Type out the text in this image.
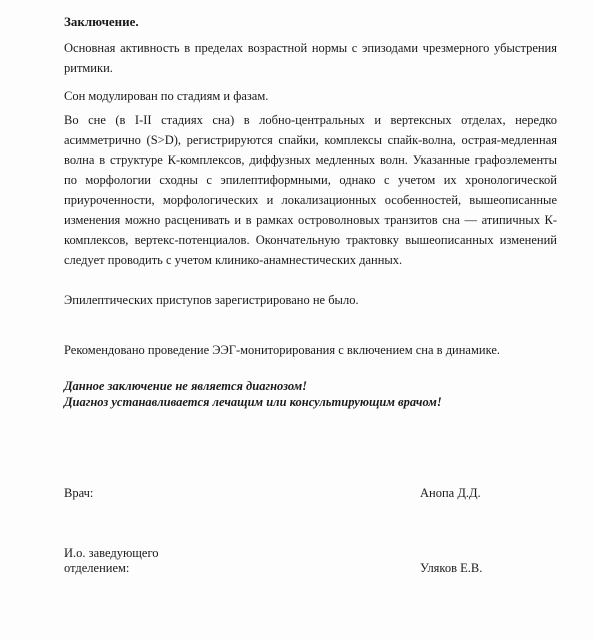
Заключение.
Основная активность в пределах возрастной нормы с эпизодами чрезмерного убыстрения ритмики.
Сон модулирован по стадиям и фазам.
Во сне (в I-II стадиях сна) в лобно-центральных и вертексных отделах, нередко асимметрично (S>D), регистрируются спайки, комплексы спайк-волна, острая-медленная волна в структуре К-комплексов, диффузных медленных волн. Указанные графоэлементы по морфологии сходны с эпилептиформными, однако с учетом их хронологической приуроченности, морфологических и локализационных особенностей, вышеописанные изменения можно расценивать и в рамках островолновых транзитов сна — атипичных К-комплексов, вертекс-потенциалов. Окончательную трактовку вышеописанных изменений следует проводить с учетом клинико-анамнестических данных.
Эпилептических приступов зарегистрировано не было.
Рекомендовано проведение ЭЭГ-мониторирования с включением сна в динамике.
Данное заключение не является диагнозом!
Диагноз устанавливается лечащим или консультирующим врачом!
Врач:	Анопа Д.Д.
И.о. заведующего
отделением:	Уляков Е.В.
